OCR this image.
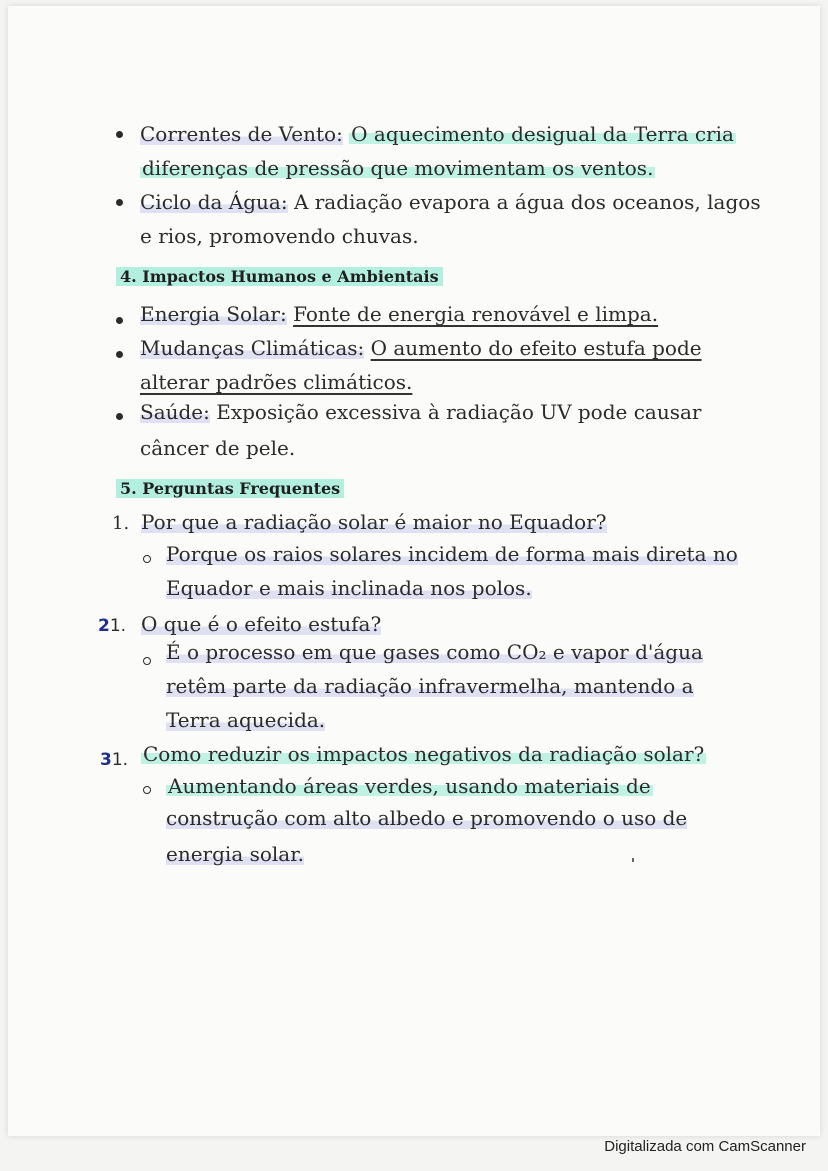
Correntes de Vento: O aquecimento desigual da Terra cria
diferenças de pressão que movimentam os ventos.
Ciclo da Água: A radiação evapora a água dos oceanos, lagos
e rios, promovendo chuvas.
4. Impactos Humanos e Ambientais
Energia Solar: Fonte de energia renovável e limpa.
Mudanças Climáticas: O aumento do efeito estufa pode
alterar padrões climáticos.
Saúde: Exposição excessiva à radiação UV pode causar
câncer de pele.
5. Perguntas Frequentes
1. Por que a radiação solar é maior no Equador?
Porque os raios solares incidem de forma mais direta no
Equador e mais inclinada nos polos.
21. O que é o efeito estufa?
É o processo em que gases como CO₂ e vapor d'água
retêm parte da radiação infravermelha, mantendo a
Terra aquecida.
31. Como reduzir os impactos negativos da radiação solar?
Aumentando áreas verdes, usando materiais de
construção com alto albedo e promovendo o uso de
energia solar.
Digitalizada com CamScanner
